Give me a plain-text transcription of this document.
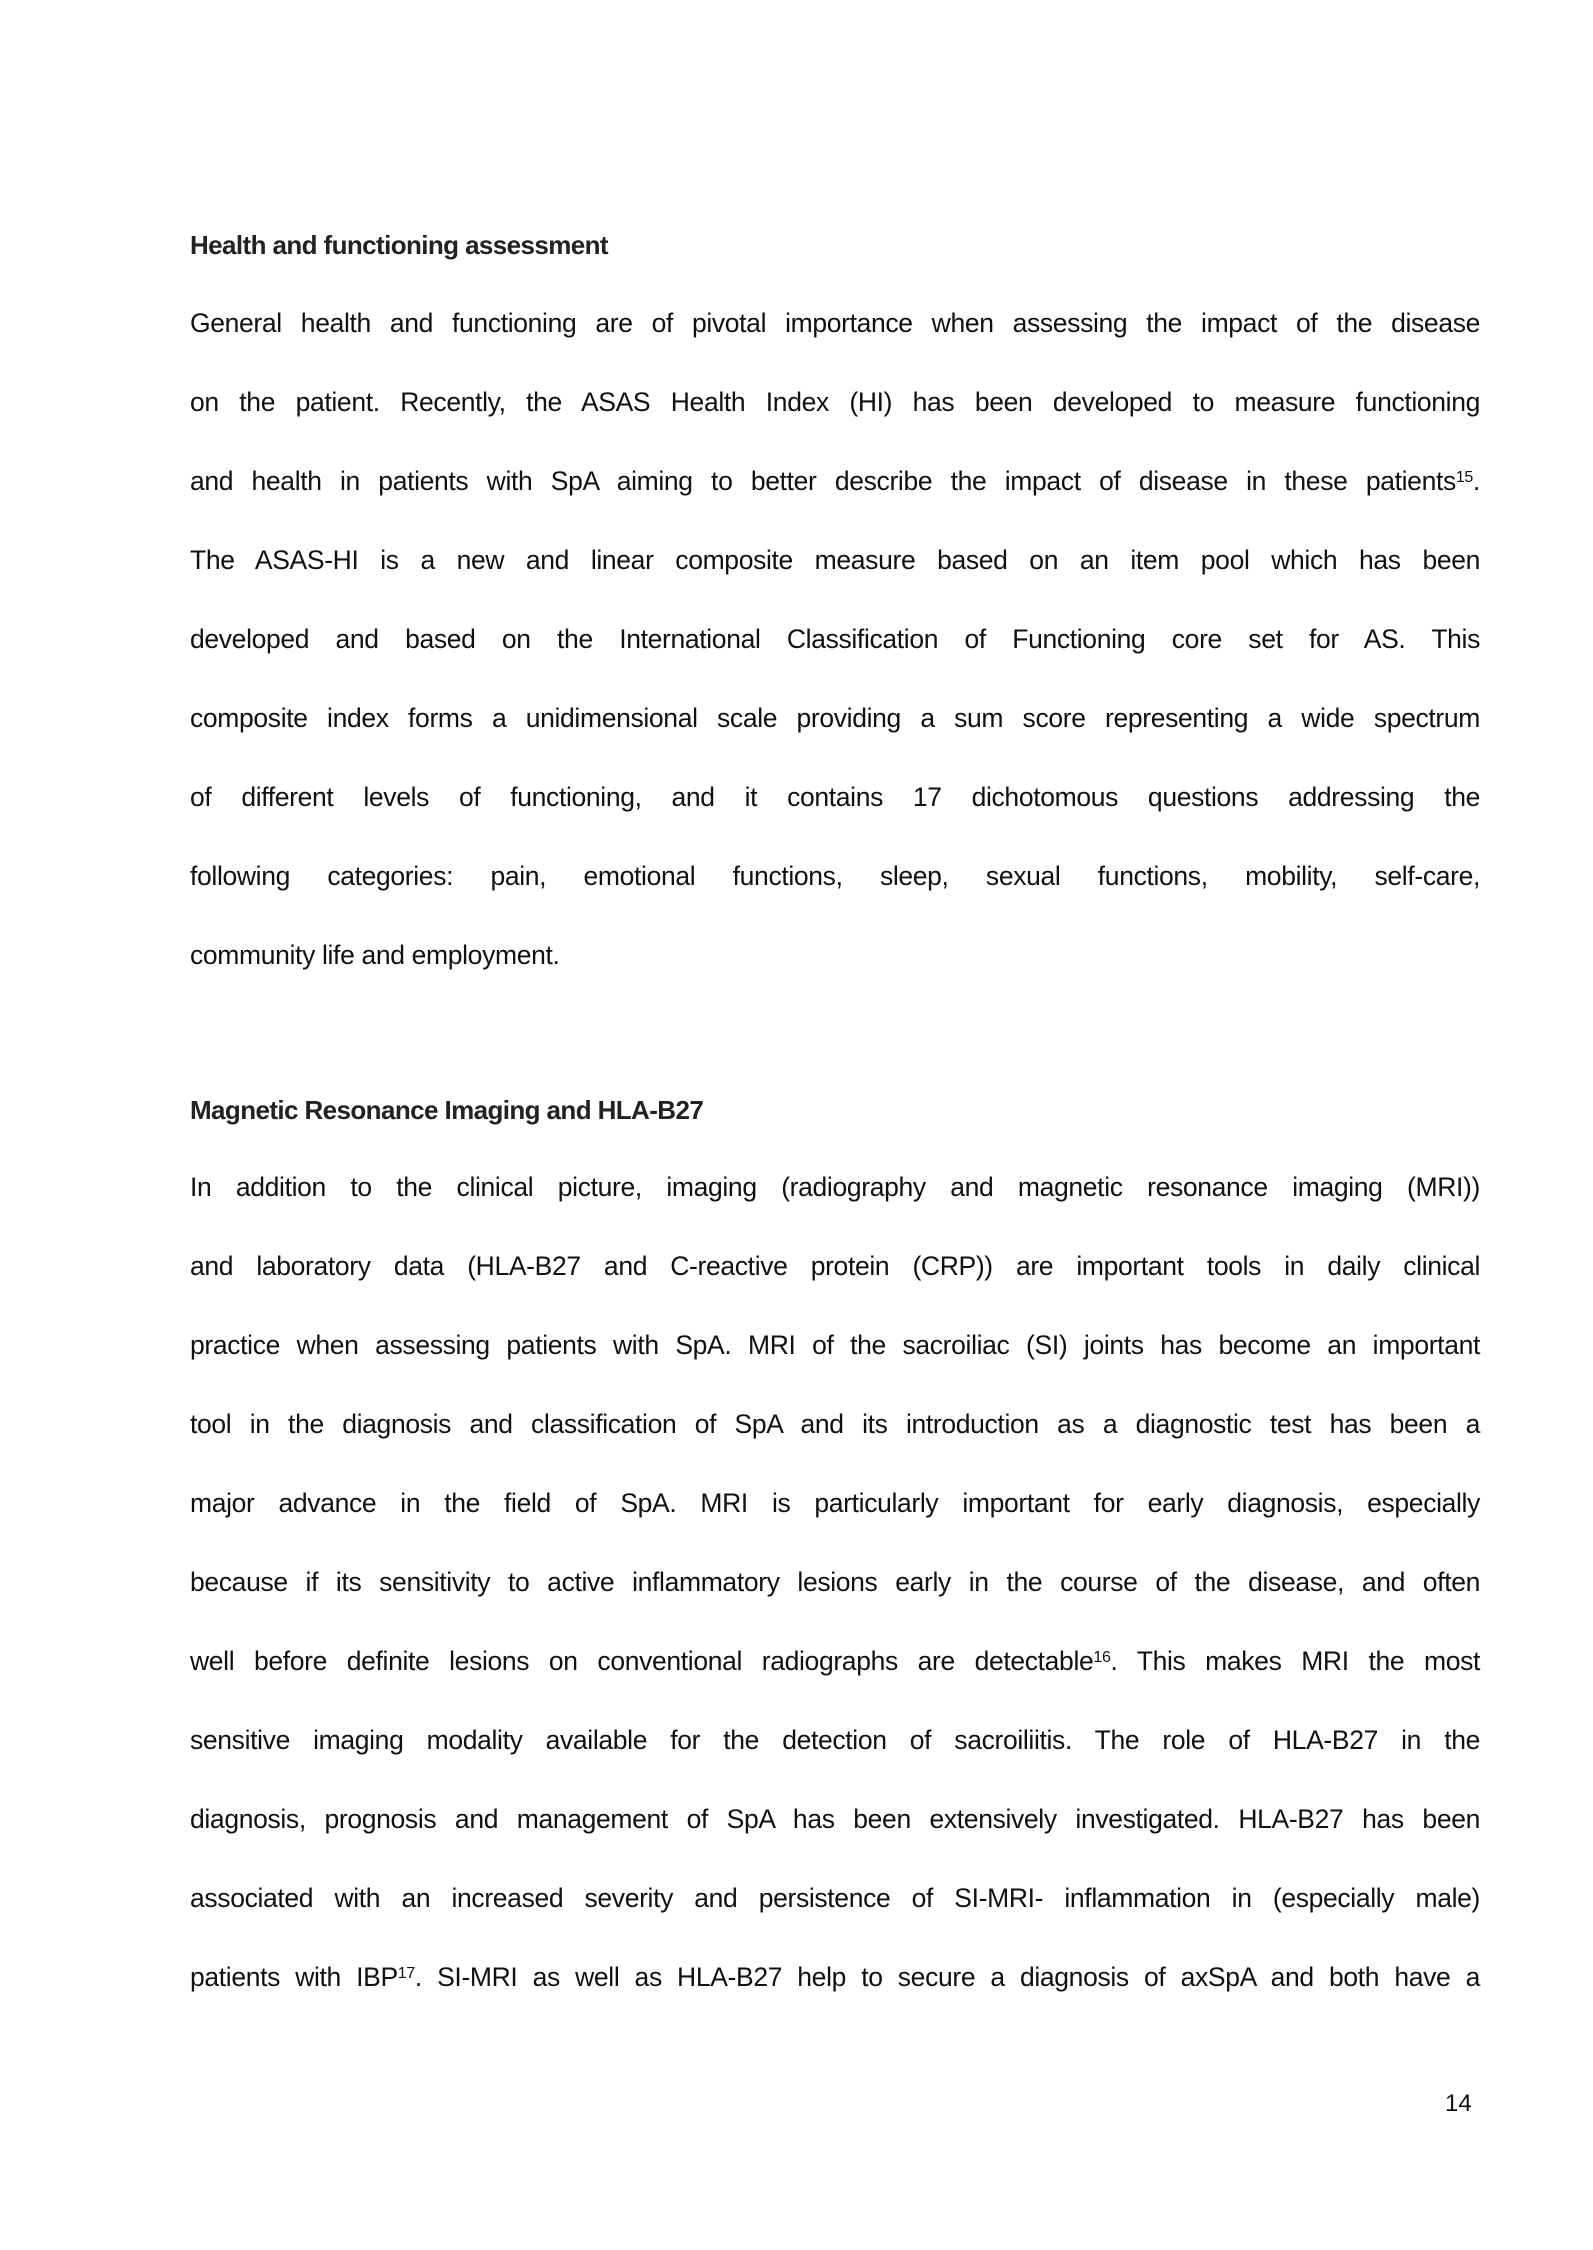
Health and functioning assessment
General health and functioning are of pivotal importance when assessing the impact of the disease
on the patient. Recently, the ASAS Health Index (HI) has been developed to measure functioning
and health in patients with SpA aiming to better describe the impact of disease in these patients$^{15}$.
The ASAS-HI is a new and linear composite measure based on an item pool which has been
developed and based on the International Classification of Functioning core set for AS. This
composite index forms a unidimensional scale providing a sum score representing a wide spectrum
of different levels of functioning, and it contains 17 dichotomous questions addressing the
following categories: pain, emotional functions, sleep, sexual functions, mobility, self-care,
community life and employment.
Magnetic Resonance Imaging and HLA-B27
In addition to the clinical picture, imaging (radiography and magnetic resonance imaging (MRI))
and laboratory data (HLA-B27 and C-reactive protein (CRP)) are important tools in daily clinical
practice when assessing patients with SpA. MRI of the sacroiliac (SI) joints has become an important
tool in the diagnosis and classification of SpA and its introduction as a diagnostic test has been a
major advance in the field of SpA. MRI is particularly important for early diagnosis, especially
because if its sensitivity to active inflammatory lesions early in the course of the disease, and often
well before definite lesions on conventional radiographs are detectable$^{16}$. This makes MRI the most
sensitive imaging modality available for the detection of sacroiliitis. The role of HLA-B27 in the
diagnosis, prognosis and management of SpA has been extensively investigated. HLA-B27 has been
associated with an increased severity and persistence of SI-MRI- inflammation in (especially male)
patients with IBP$^{17}$. SI-MRI as well as HLA-B27 help to secure a diagnosis of axSpA and both have a
14
